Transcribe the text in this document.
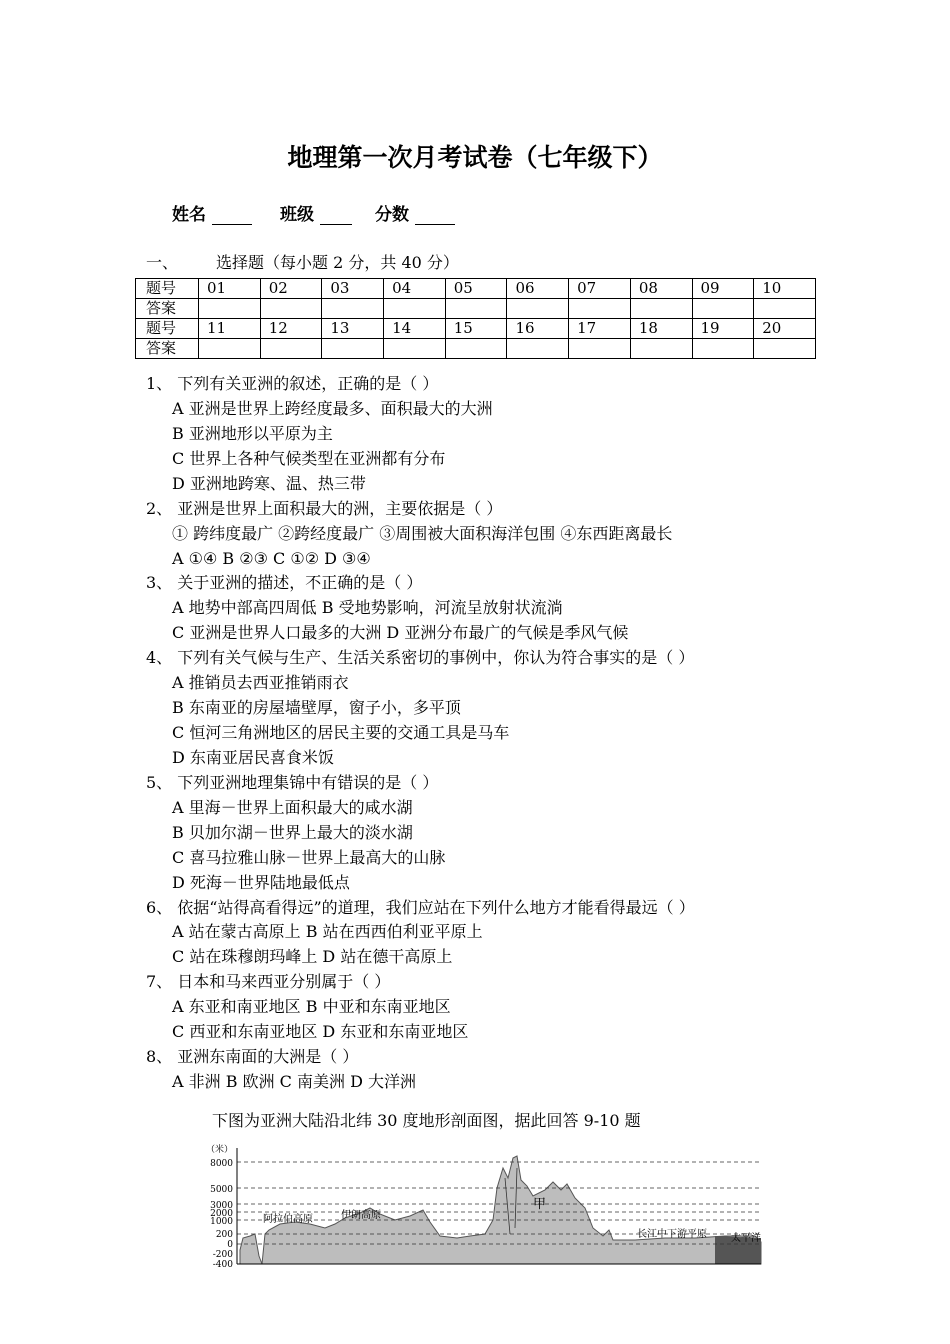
地理第一次月考试卷（七年级下）
姓名	班级	分数
一、 选择题（每小题 2 分，共 40 分）
题号	01	02	03	04	05	06	07	08	09	10
答案										
题号	11	12	13	14	15	16	17	18	19	20
答案										
1、 下列有关亚洲的叙述，正确的是（ ）
A 亚洲是世界上跨经度最多、面积最大的大洲
B 亚洲地形以平原为主
C 世界上各种气候类型在亚洲都有分布
D 亚洲地跨寒、温、热三带
2、 亚洲是世界上面积最大的洲，主要依据是（ ）
① 跨纬度最广 ②跨经度最广 ③周围被大面积海洋包围 ④东西距离最长
A ①④ B ②③ C ①② D ③④
3、 关于亚洲的描述，不正确的是（ ）
A 地势中部高四周低 B 受地势影响，河流呈放射状流淌
C 亚洲是世界人口最多的大洲 D 亚洲分布最广的气候是季风气候
4、 下列有关气候与生产、生活关系密切的事例中，你认为符合事实的是（ ）
A 推销员去西亚推销雨衣
B 东南亚的房屋墙壁厚，窗子小，多平顶
C 恒河三角洲地区的居民主要的交通工具是马车
D 东南亚居民喜食米饭
5、 下列亚洲地理集锦中有错误的是（ ）
A 里海－世界上面积最大的咸水湖
B 贝加尔湖－世界上最大的淡水湖
C 喜马拉雅山脉－世界上最高大的山脉
D 死海－世界陆地最低点
6、 依据“站得高看得远”的道理，我们应站在下列什么地方才能看得最远（ ）
A 站在蒙古高原上 B 站在西西伯利亚平原上
C 站在珠穆朗玛峰上 D 站在德干高原上
7、 日本和马来西亚分别属于（ ）
A 东亚和南亚地区 B 中亚和东南亚地区
C 西亚和东南亚地区 D 东亚和东南亚地区
8、 亚洲东南面的大洲是（ ）
A 非洲 B 欧洲 C 南美洲 D 大洋洲
下图为亚洲大陆沿北纬 30 度地形剖面图，据此回答 9-10 题
（米）
8000
5000
3000
2000
1000
200
0
-200
-400
阿拉伯高原	伊朗高原
甲
长江中下游平原 太平洋
